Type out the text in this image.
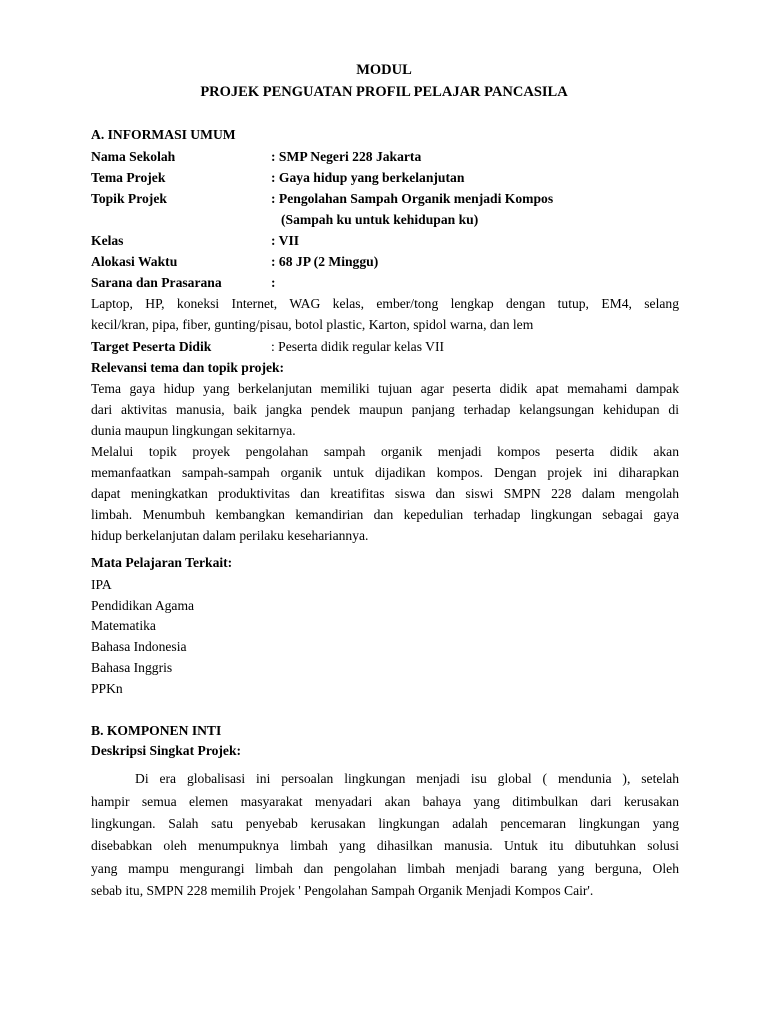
MODUL
PROJEK PENGUATAN PROFIL PELAJAR PANCASILA
A. INFORMASI UMUM
Nama Sekolah	: SMP Negeri 228 Jakarta
Tema Projek	: Gaya hidup yang berkelanjutan
Topik Projek	: Pengolahan Sampah Organik menjadi Kompos
(Sampah ku untuk kehidupan ku)
Kelas	: VII
Alokasi Waktu	: 68 JP (2 Minggu)
Sarana dan Prasarana	:
Laptop, HP, koneksi Internet, WAG kelas, ember/tong lengkap dengan tutup, EM4, selang
kecil/kran, pipa, fiber, gunting/pisau, botol plastic, Karton, spidol warna, dan lem
Target Peserta Didik	: Peserta didik regular kelas VII
Relevansi tema dan topik projek:
Tema gaya hidup yang berkelanjutan memiliki tujuan agar peserta didik apat memahami dampak
dari aktivitas manusia, baik jangka pendek maupun panjang terhadap kelangsungan kehidupan di
dunia maupun lingkungan sekitarnya.
Melalui topik proyek pengolahan sampah organik menjadi kompos peserta didik akan
memanfaatkan sampah-sampah organik untuk dijadikan kompos. Dengan projek ini diharapkan
dapat meningkatkan produktivitas dan kreatifitas siswa dan siswi SMPN 228 dalam mengolah
limbah. Menumbuh kembangkan kemandirian dan kepedulian terhadap lingkungan sebagai gaya
hidup berkelanjutan dalam perilaku kesehariannya.
Mata Pelajaran Terkait:
IPA
Pendidikan Agama
Matematika
Bahasa Indonesia
Bahasa Inggris
PPKn
B. KOMPONEN INTI
Deskripsi Singkat Projek:
Di era globalisasi ini persoalan lingkungan menjadi isu global ( mendunia ), setelah
hampir semua elemen masyarakat menyadari akan bahaya yang ditimbulkan dari kerusakan
lingkungan. Salah satu penyebab kerusakan lingkungan adalah pencemaran lingkungan yang
disebabkan oleh menumpuknya limbah yang dihasilkan manusia. Untuk itu dibutuhkan solusi
yang mampu mengurangi limbah dan pengolahan limbah menjadi barang yang berguna, Oleh
sebab itu, SMPN 228 memilih Projek ' Pengolahan Sampah Organik Menjadi Kompos Cair'.
